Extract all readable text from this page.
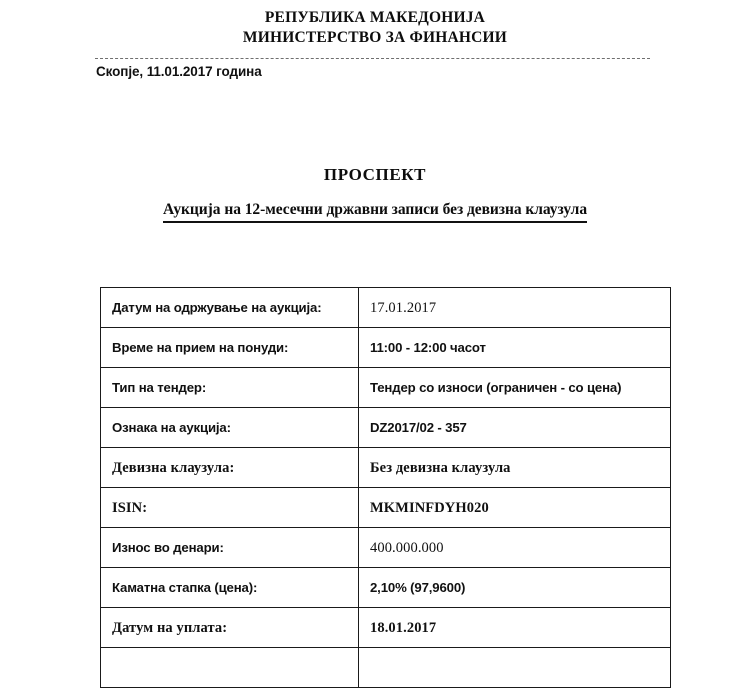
РЕПУБЛИКА МАКЕДОНИЈА
МИНИСТЕРСТВО ЗА ФИНАНСИИ
Скопје, 11.01.2017 година
ПРОСПЕКТ
Аукција на 12-месечни државни записи без девизна клаузула
Датум на одржување на аукција:	17.01.2017
Време на прием на понуди:	11:00 - 12:00 часот
Тип на тендер:	Тендер со износи (ограничен - со цена)
Ознака на аукција:	DZ2017/02 - 357
Девизна клаузула:	Без девизна клаузула
ISIN:	MKMINFDYH020
Износ во денари:	400.000.000
Каматна стапка (цена):	2,10% (97,9600)
Датум на уплата:	18.01.2017
